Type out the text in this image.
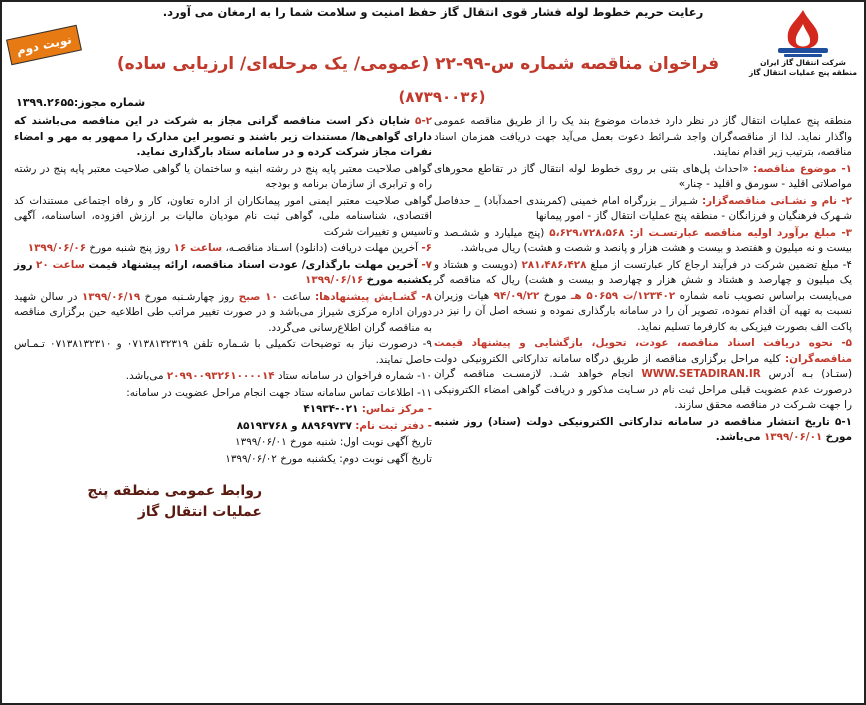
رعایت حریم خطوط لوله فشار قوی انتقال گاز حفظ امنیت و سلامت شما را به ارمغان می آورد.
شرکت انتقال گاز ایران
منطقه پنج عملیات انتقال گاز
نوبت دوم
فراخوان مناقصه شماره س-۹۹-۲۲ (عمومی/ یک مرحله‌ای/ ارزیابی ساده)
(۸۷۳۹۰۰۳۶)
شماره مجوز:۱۳۹۹.۲۶۵۵

منطقه پنج عملیات انتقال گاز در نظر دارد خدمات موضوع بند یک را از طریق مناقصه عمومی واگذار نماید. لذا از مناقصه‌گران واجد شـرائط دعوت بعمل می‌آید جهت دریافت همزمان اسناد مناقصه، بترتیب زیر اقدام نمایند.

۱- موضوع مناقصه: «احداث پل‌های بتنی بر روی خطوط لوله انتقال گاز در تقاطع محورهای مواصلاتی اقلید - سورمق و اقلید - چنار»

۲- نام و نشـانی مناقصه‌گزار: شـیراز _ بزرگراه امام خمینی (کمربندی احمدآباد) _ حدفاصل شـهرک فرهنگیان و فرزانگان - منطقه پنج عملیات انتقال گاز - امور پیمانها

۳- مبلغ برآورد اولیه مناقصه عبارتسـت از: ۵،۶۲۹،۷۲۸،۵۶۸ (پنج میلیارد و ششـصد و بیست و نه میلیون و هفتصد و بیست و هشت هزار و پانصد و شصت و هشت) ریال می‌باشد.

۴- مبلغ تضمین شرکت در فرآیند ارجاع کار عبارتست از مبلغ ۲۸۱،۴۸۶،۴۲۸ (دویست و هشتاد و یک میلیون و چهارصد و هشتاد و شش هزار و چهارصد و بیست و هشت) ریال که مناقصه گر می‌بایست براساس تصویب نامه شماره ۱۲۳۴۰۲/ت ۵۰۶۵۹ هـ مورخ ۹۴/۰۹/۲۲ هیات وزیران نسبت به تهیه آن اقدام نموده، تصویر آن را در سامانه بارگذاری نموده و نسخه اصل آن را نیز در پاکت الف بصورت فیزیکی به کارفرما تسلیم نماید.

۵- نحوه دریافت اسناد مناقصه، عودت، تحویل، بازگشایی و پیشنهاد قیمت مناقصه‌گران: کلیه مراحل برگزاری مناقصه از طریق درگاه سامانه تدارکاتی الکترونیکی دولت (ستـاد) بـه آدرس WWW.SETADIRAN.IR انجام خواهد شـد. لازمسـت مناقصه گران درصورت عدم عضویت قبلی مراحل ثبت نام در سـایت مذکور و دریافت گواهی امضاء الکترونیکی را جهت شـرکت در مناقصه محقق سازند.

۵-۱ تاریخ انتشار مناقصه در سامانه تدارکاتی الکترونیکی دولت (ستاد) روز شنبه مورخ ۱۳۹۹/۰۶/۰۱ می‌باشد.

۵-۲ شایان ذکر است مناقصه گرانی مجاز به شرکت در این مناقصه می‌باشند که دارای گواهی‌ها/ مستندات زیر باشند و تصویر این مدارک را ممهور به مهر و امضاء نفرات مجاز شرکت کرده و در سامانه ستاد بارگذاری نماید.

گواهی صلاحیت معتبر پایه پنج در رشته ابنیه و ساختمان یا گواهی صلاحیت معتبر پایه پنج در رشته راه و ترابری از سازمان برنامه و بودجه

گواهی صلاحیت معتبر ایمنی امور پیمانکاران از اداره تعاون، کار و رفاه اجتماعی مستندات کد اقتصادی، شناسنامه ملی، گواهی ثبت نام مودیان مالیات بر ارزش افزوده، اساسنامه، آگهی تاسیس و تغییرات شرکت

۶- آخرین مهلت دریافت (دانلود) اسـناد مناقصـه، ساعت ۱۶ روز پنج شنبه مورخ ۱۳۹۹/۰۶/۰۶

۷- آخرین مهلت بارگذاری/ عودت اسناد مناقصه، ارائه پیشنهاد قیمت ساعت ۲۰ روز یکشنبه مورخ ۱۳۹۹/۰۶/۱۶

۸- گشـایش پیشنهادها: ساعت ۱۰ صبح روز چهارشـنبه مورخ ۱۳۹۹/۰۶/۱۹ در سالن شهید دوران اداره مرکزی شیراز می‌باشد و در صورت تغییر مراتب طی اطلاعیه حین برگزاری مناقصه به مناقصه گران اطلاع‌رسانی می‌گردد.

۹- درصورت نیاز به توضیحات تکمیلی با شـماره تلفن ۰۷۱۳۸۱۳۲۳۱۹ و ۰۷۱۳۸۱۳۲۳۱۰ تـمـاس حاصل نمایند.

۱۰- شماره فراخوان در سامانه ستاد ۲۰۹۹۰۰۹۳۲۶۱۰۰۰۰۱۴ می‌باشد.

۱۱- اطلاعات تماس سامانه ستاد جهت انجام مراحل عضویت در سامانه:

- مرکز تماس: ۰۲۱-۴۱۹۳۴

- دفتر ثبت نام: ۸۸۹۶۹۷۳۷ و ۸۵۱۹۳۷۶۸

تاریخ آگهی نوبت اول: شنبه مورخ ۱۳۹۹/۰۶/۰۱

تاریخ آگهی نوبت دوم: یکشنبه مورخ ۱۳۹۹/۰۶/۰۲

روابط عمومی منطقه پنج
عملیات انتقال گاز
